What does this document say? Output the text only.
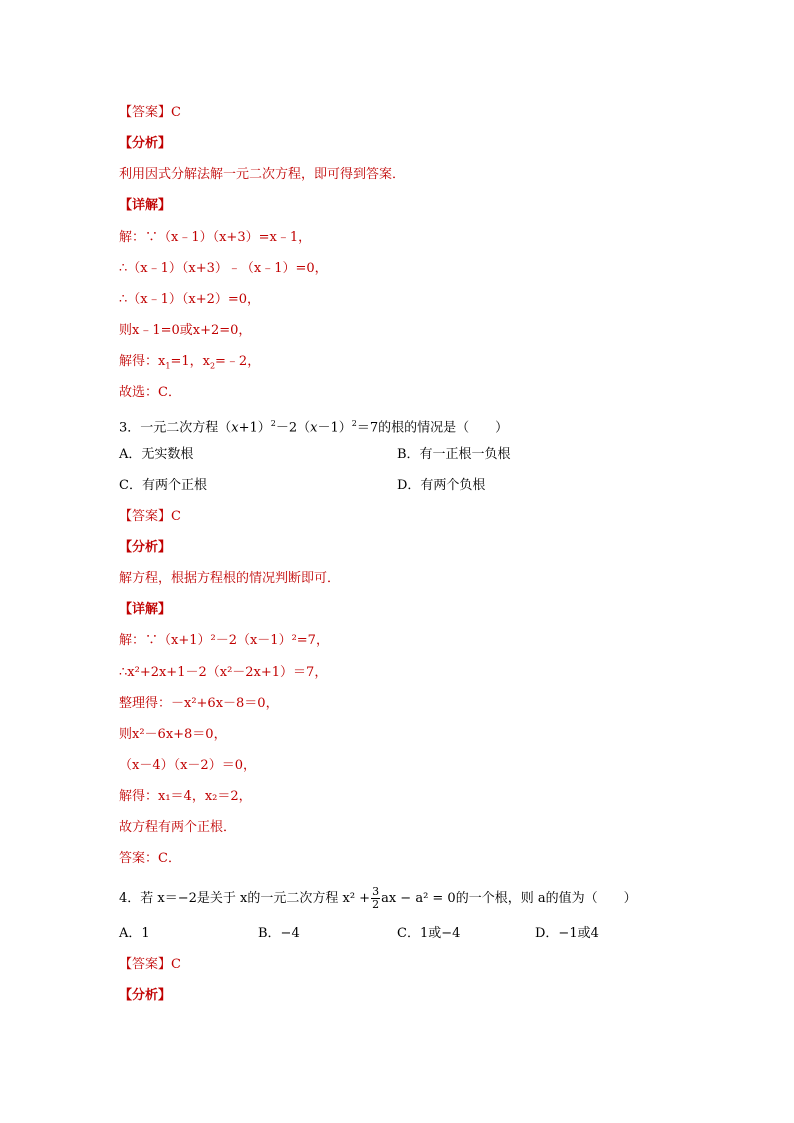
【答案】C
【分析】
利用因式分解法解一元二次方程，即可得到答案．
【详解】
解：∵（x﹣1）（x+3）=x﹣1，
∴（x﹣1）（x+3）﹣（x﹣1）=0，
∴（x﹣1）（x+2）=0，
则x﹣1=0或x+2=0，
解得：$x_1=1$，$x_2=﹣2$，
故选：C．
3．一元二次方程$(x+1)^2-2(x-1)^2=7$的根的情况是（　　）
A．无实数根	B．有一正根一负根
C．有两个正根	D．有两个负根
【答案】C
【分析】
解方程，根据方程根的情况判断即可．
【详解】
解：∵（x+1）²－2（x－1）²=7，
∴x²+2x+1－2（x²－2x+1）＝7，
整理得：－x²+6x－8＝0，
则x²－6x+8＝0，
（x－4）（x－2）＝0，
解得：x₁＝4，x₂＝2，
故方程有两个正根．
答案：C．
4．若 x＝−2是关于 x的一元二次方程 $x^2 + \frac{3}{2}$ ax − a² = 0的一个根，则 a的值为（　　）
A．1	B．−4	C．1或−4	D．−1或4
【答案】C
【分析】
